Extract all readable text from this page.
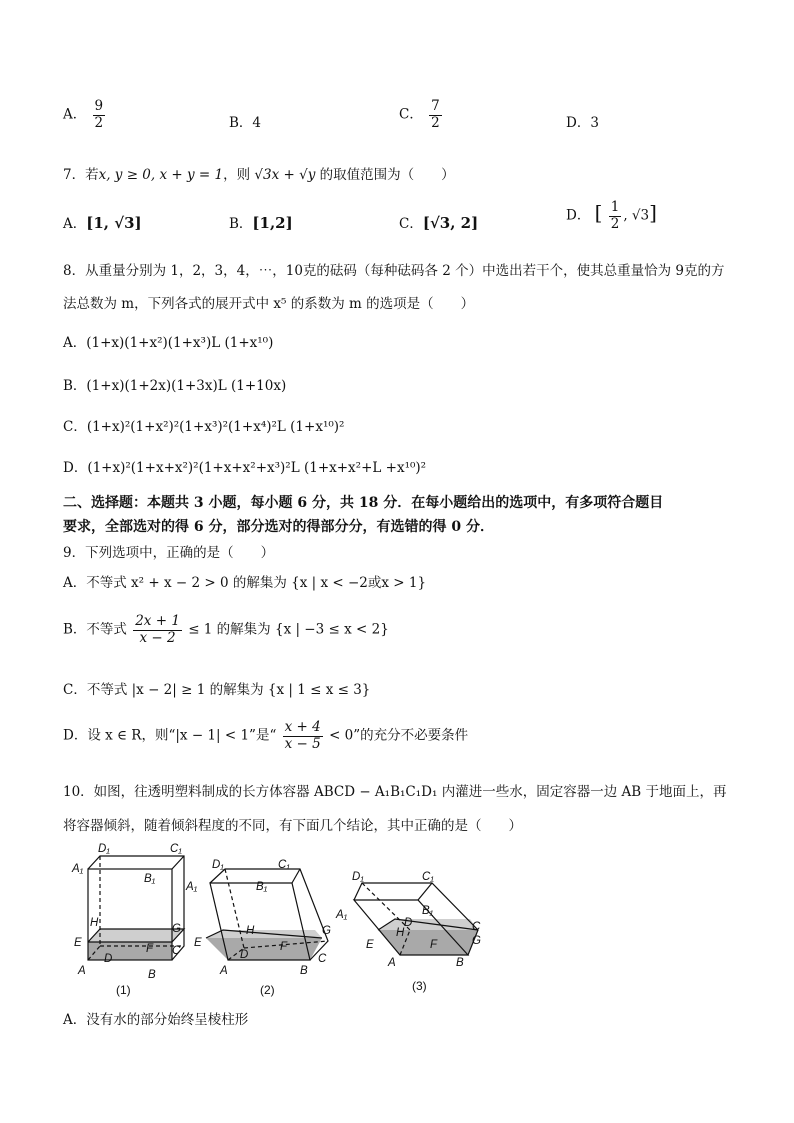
A． $\frac{9}{2}$	B．4
C． $\frac{7}{2}$	D．3
7．若x, y ≥ 0, x + y = 1，则 √3x + √y 的取值范围为（　　）
A．[1, √3]	B．[1,2]	C．[√3, 2]	D． [ $\frac{1}{2}$ , √3]
8．从重量分别为 1，2，3，4，⋯，10克的砝码（每种砝码各 2 个）中选出若干个，使其总重量恰为 9克的方
法总数为 m，下列各式的展开式中 x⁵ 的系数为 m 的选项是（　　）
A．(1+x)(1+x²)(1+x³)L (1+x¹⁰)
B．(1+x)(1+2x)(1+3x)L (1+10x)
C．(1+x)²(1+x²)²(1+x³)²(1+x⁴)²L (1+x¹⁰)²
D．(1+x)²(1+x+x²)²(1+x+x²+x³)²L (1+x+x²+L +x¹⁰)²
二、选择题：本题共 3 小题，每小题 6 分，共 18 分．在每小题给出的选项中，有多项符合题目
要求，全部选对的得 6 分，部分选对的得部分分，有选错的得 0 分．
9．下列选项中，正确的是（　　）
A．不等式 x² + x − 2 > 0 的解集为 {x | x < −2或x > 1}
B．不等式 $\frac{2x + 1}{x - 2} \le 1$ 的解集为 {x | −3 ≤ x < 2}
C．不等式 |x − 2| ≥ 1 的解集为 {x | 1 ≤ x ≤ 3}
D．设 x ∈ R，则“|x − 1| < 1”是“ $\frac{x + 4}{x - 5} < 0$”的充分不必要条件
10．如图，往透明塑料制成的长方体容器 ABCD − A₁B₁C₁D₁ 内灌进一些水，固定容器一边 AB 于地面上，再
将容器倾斜，随着倾斜程度的不同，有下面几个结论，其中正确的是（　　）
D₁	C₁
A₁
B₁
H	G
E	F C
D
A	B
D₁	C₁
A₁	B₁
H	G
E
D
F
C
A	B
D₁	C₁
D
A₁	B₁
H	C
E	F	G
A	B
(1)	(2)	(3)
A．没有水的部分始终呈棱柱形
